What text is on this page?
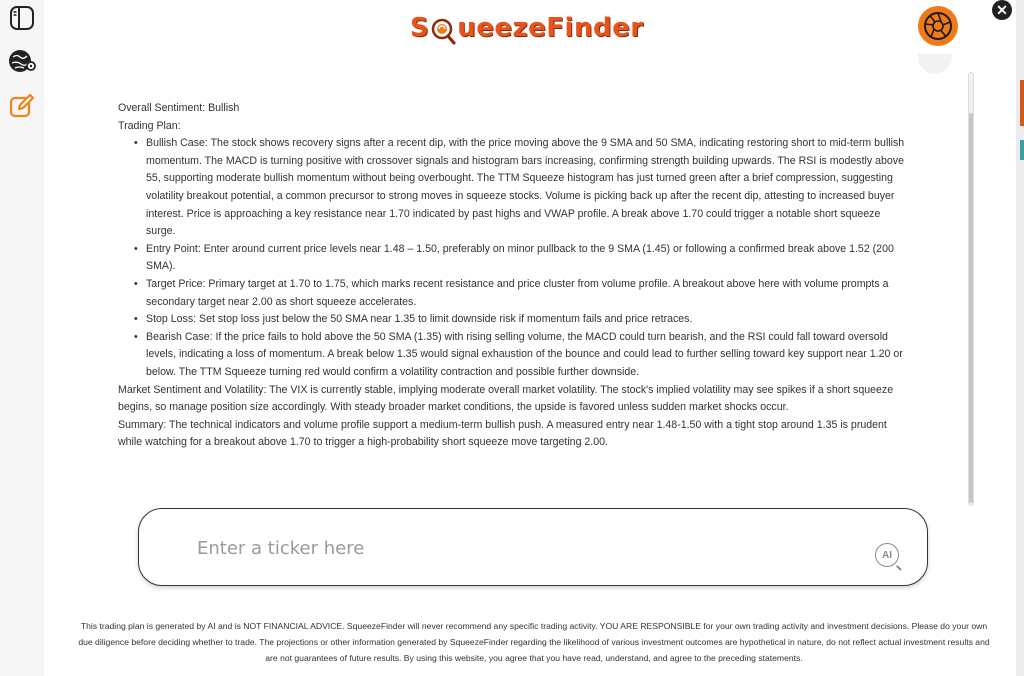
S ueezeFinder
✕

Overall Sentiment: Bullish

Trading Plan:

• Bullish Case: The stock shows recovery signs after a recent dip, with the price moving above the 9 SMA and 50 SMA, indicating restoring short to mid-term bullish momentum. The MACD is turning positive with crossover signals and histogram bars increasing, confirming strength building upwards. The RSI is modestly above 55, supporting moderate bullish momentum without being overbought. The TTM Squeeze histogram has just turned green after a brief compression, suggesting volatility breakout potential, a common precursor to strong moves in squeeze stocks. Volume is picking back up after the recent dip, attesting to increased buyer interest. Price is approaching a key resistance near 1.70 indicated by past highs and VWAP profile. A break above 1.70 could trigger a notable short squeeze surge.
• Entry Point: Enter around current price levels near 1.48 – 1.50, preferably on minor pullback to the 9 SMA (1.45) or following a confirmed break above 1.52 (200 SMA).
• Target Price: Primary target at 1.70 to 1.75, which marks recent resistance and price cluster from volume profile. A breakout above here with volume prompts a secondary target near 2.00 as short squeeze accelerates.
• Stop Loss: Set stop loss just below the 50 SMA near 1.35 to limit downside risk if momentum fails and price retraces.
• Bearish Case: If the price fails to hold above the 50 SMA (1.35) with rising selling volume, the MACD could turn bearish, and the RSI could fall toward oversold levels, indicating a loss of momentum. A break below 1.35 would signal exhaustion of the bounce and could lead to further selling toward key support near 1.20 or below. The TTM Squeeze turning red would confirm a volatility contraction and possible further downside.

Market Sentiment and Volatility: The VIX is currently stable, implying moderate overall market volatility. The stock's implied volatility may see spikes if a short squeeze begins, so manage position size accordingly. With steady broader market conditions, the upside is favored unless sudden market shocks occur.

Summary: The technical indicators and volume profile support a medium-term bullish push. A measured entry near 1.48-1.50 with a tight stop around 1.35 is prudent while watching for a breakout above 1.70 to trigger a high-probability short squeeze move targeting 2.00.

Enter a ticker here
AI
This trading plan is generated by AI and is NOT FINANCIAL ADVICE. SqueezeFinder will never recommend any specific trading activity. YOU ARE RESPONSIBLE for your own trading activity and investment decisions. Please do your own due diligence before deciding whether to trade. The projections or other information generated by SqueezeFinder regarding the likelihood of various investment outcomes are hypothetical in nature, do not reflect actual investment results and are not guarantees of future results. By using this website, you agree that you have read, understand, and agree to the preceding statements.
